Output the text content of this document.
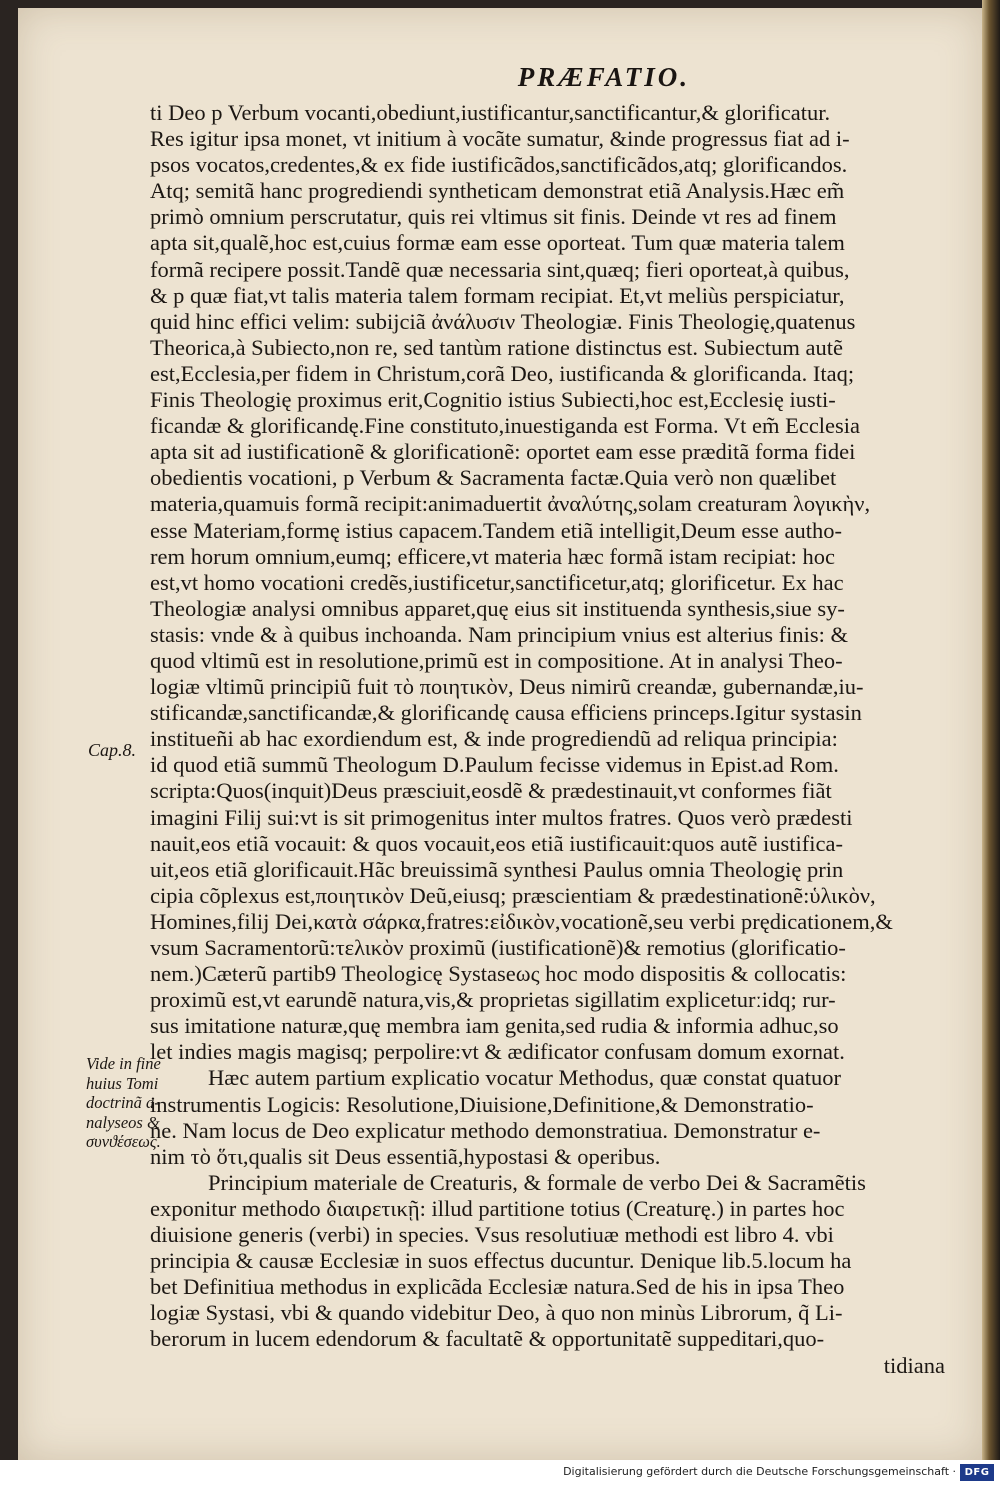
PRÆFATIO.
ti Deo p Verbum vocanti,obediunt,iustificantur,sanctificantur,& glorificatur.
Res igitur ipsa monet, vt initium à vocãte sumatur, &inde progressus fiat ad i-
psos vocatos,credentes,& ex fide iustificãdos,sanctificãdos,atq; glorificandos.
Atq; semitã hanc progrediendi syntheticam demonstrat etiã Analysis.Hæc em̃
primò omnium perscrutatur, quis rei vltimus sit finis. Deinde vt res ad finem
apta sit,qualẽ,hoc est,cuius formæ eam esse oporteat. Tum quæ materia talem
formã recipere possit.Tandẽ quæ necessaria sint,quæq; fieri oporteat,à quibus,
& p quæ fiat,vt talis materia talem formam recipiat. Et,vt meliùs perspiciatur,
quid hinc effici velim: subijciã ἀνάλυσιν Theologiæ. Finis Theologię,quatenus
Theorica,à Subiecto,non re, sed tantùm ratione distinctus est. Subiectum autẽ
est,Ecclesia,per fidem in Christum,corã Deo, iustificanda & glorificanda. Itaq;
Finis Theologię proximus erit,Cognitio istius Subiecti,hoc est,Ecclesię iusti-
ficandæ & glorificandę.Fine constituto,inuestiganda est Forma. Vt em̃ Ecclesia
apta sit ad iustificationẽ & glorificationẽ: oportet eam esse præditã forma fidei
obedientis vocationi, p Verbum & Sacramenta factæ.Quia verò non quælibet
materia,quamuis formã recipit:animaduertit ἀναλύτης,solam creaturam λογικὴν,
esse Materiam,formę istius capacem.Tandem etiã intelligit,Deum esse autho-
rem horum omnium,eumq; efficere,vt materia hæc formã istam recipiat: hoc
est,vt homo vocationi credẽs,iustificetur,sanctificetur,atq; glorificetur. Ex hac
Theologiæ analysi omnibus apparet,quę eius sit instituenda synthesis,siue sy-
stasis: vnde & à quibus inchoanda. Nam principium vnius est alterius finis: &
quod vltimũ est in resolutione,primũ est in compositione. At in analysi Theo-
logiæ vltimũ principiũ fuit τὸ ποιητικὸν, Deus nimirũ creandæ, gubernandæ,iu-
stificandæ,sanctificandæ,& glorificandę causa efficiens princeps.Igitur systasin
institueñi ab hac exordiendum est, & inde progrediendũ ad reliqua principia:
id quod etiã summũ Theologum D.Paulum fecisse videmus in Epist.ad Rom.
scripta:Quos(inquit)Deus præsciuit,eosdẽ & prædestinauit,vt conformes fiãt
imagini Filij sui:vt is sit primogenitus inter multos fratres. Quos verò prædesti
nauit,eos etiã vocauit: & quos vocauit,eos etiã iustificauit:quos autẽ iustifica-
uit,eos etiã glorificauit.Hãc breuissimã synthesi Paulus omnia Theologię prin
cipia cõplexus est,ποιητικὸν Deũ,eiusq; præscientiam & prædestinationẽ:ὑλικὸν,
Homines,filij Dei,κατὰ σάρκα,fratres:εἰδικὸν,vocationẽ,seu verbi prędicationem,&
vsum Sacramentorũ:τελικὸν proximũ (iustificationẽ)& remotius (glorificatio-
nem.)Cæterũ partib9 Theologicę Systaseως hoc modo dispositis & collocatis:
proximũ est,vt earundẽ natura,vis,& proprietas sigillatim expliceturːidq; rur-
sus imitatione naturæ,quę membra iam genita,sed rudia & informia adhuc,so
let indies magis magisq; perpolire:vt & ædificator confusam domum exornat.
Hæc autem partium explicatio vocatur Methodus, quæ constat quatuor
instrumentis Logicis: Resolutione,Diuisione,Definitione,& Demonstratio-
ne. Nam locus de Deo explicatur methodo demonstratiua. Demonstratur e-
nim τὸ ὅτι,qualis sit Deus essentiã,hypostasi & operibus.
Principium materiale de Creaturis, & formale de verbo Dei & Sacramẽtis
exponitur methodo διαιρετικῇ: illud partitione totius (Creaturę.) in partes hoc
diuisione generis (verbi) in species. Vsus resolutiuæ methodi est libro 4. vbi
principia & causæ Ecclesiæ in suos effectus ducuntur. Denique lib.5.locum ha
bet Definitiua methodus in explicãda Ecclesiæ natura.Sed de his in ipsa Theo
logiæ Systasi, vbi & quando videbitur Deo, à quo non minùs Librorum, q̃ Li-
berorum in lucem edendorum & facultatẽ & opportunitatẽ suppeditari,quo-
tidiana
Cap.8.
Vide in fine
huius Tomi
doctrinã a-
nalyseos &
συνϑέσεως.
Digitalisierung gefördert durch die Deutsche Forschungsgemeinschaft · DFG
